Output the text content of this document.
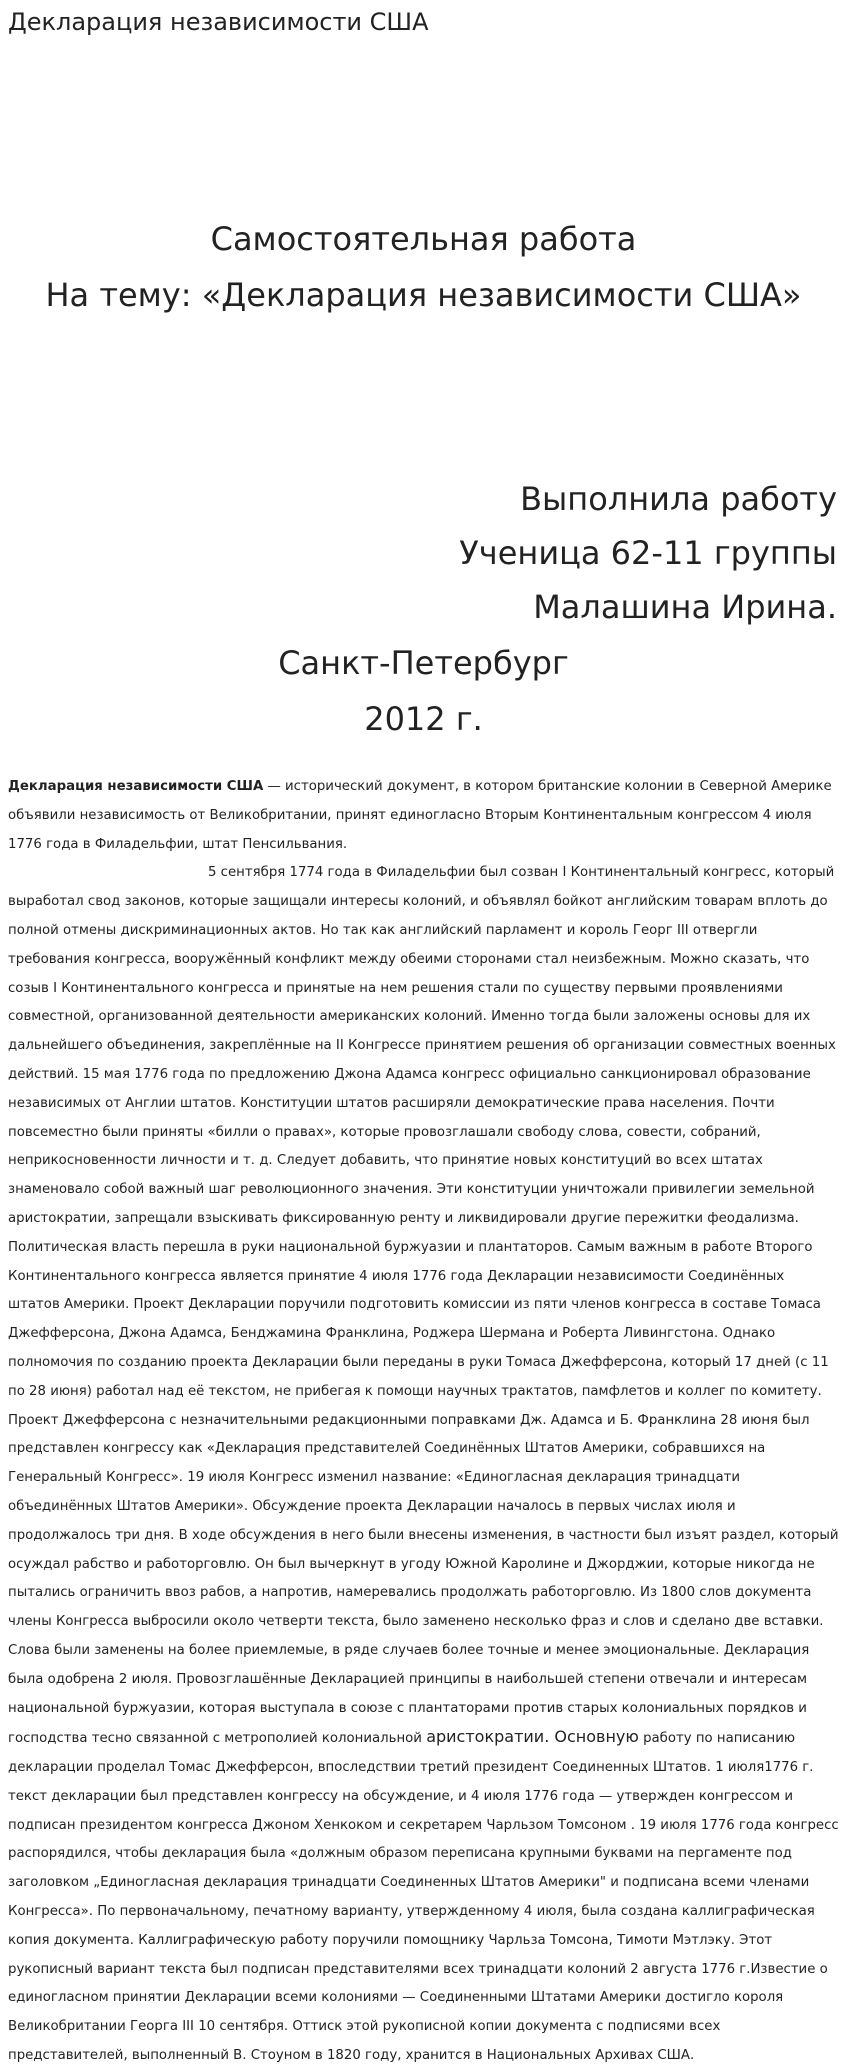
Декларация независимости США
Самостоятельная работа
На тему: «Декларация независимости США»
Выполнила работу
Ученица 62-11 группы
Малашина Ирина.
Санкт-Петербург
2012 г.
Декларация независимости США — исторический документ, в котором британские колонии в Северной Америке объявили независимость от Великобритании, принят единогласно Вторым Континентальным конгрессом 4 июля 1776 года в Филадельфии, штат Пенсильвания.
5 сентября 1774 года в Филадельфии был созван I Континентальный конгресс, который выработал свод законов, которые защищали интересы колоний, и объявлял бойкот английским товарам вплоть до полной отмены дискриминационных актов. Но так как английский парламент и король Георг III отвергли требования конгресса, вооружённый конфликт между обеими сторонами стал неизбежным. Можно сказать, что созыв I Континентального конгресса и принятые на нем решения стали по существу первыми проявлениями совместной, организованной деятельности американских колоний. Именно тогда были заложены основы для их дальнейшего объединения, закреплённые на II Конгрессе принятием решения об организации совместных военных действий. 15 мая 1776 года по предложению Джона Адамса конгресс официально санкционировал образование независимых от Англии штатов. Конституции штатов расширяли демократические права населения. Почти повсеместно были приняты «билли о правах», которые провозглашали свободу слова, совести, собраний, неприкосновенности личности и т. д. Следует добавить, что принятие новых конституций во всех штатах знаменовало собой важный шаг революционного значения. Эти конституции уничтожали привилегии земельной аристократии, запрещали взыскивать фиксированную ренту и ликвидировали другие пережитки феодализма. Политическая власть перешла в руки национальной буржуазии и плантаторов. Самым важным в работе Второго Континентального конгресса является принятие 4 июля 1776 года Декларации независимости Соединённых штатов Америки. Проект Декларации поручили подготовить комиссии из пяти членов конгресса в составе Томаса Джефферсона, Джона Адамса, Бенджамина Франклина, Роджера Шермана и Роберта Ливингстона. Однако полномочия по созданию проекта Декларации были переданы в руки Томаса Джефферсона, который 17 дней (с 11 по 28 июня) работал над её текстом, не прибегая к помощи научных трактатов, памфлетов и коллег по комитету. Проект Джефферсона с незначительными редакционными поправками Дж. Адамса и Б. Франклина 28 июня был представлен конгрессу как «Декларация представителей Соединённых Штатов Америки, собравшихся на Генеральный Конгресс». 19 июля Конгресс изменил название: «Единогласная декларация тринадцати объединённых Штатов Америки». Обсуждение проекта Декларации началось в первых числах июля и продолжалось три дня. В ходе обсуждения в него были внесены изменения, в частности был изъят раздел, который осуждал рабство и работорговлю. Он был вычеркнут в угоду Южной Каролине и Джорджии, которые никогда не пытались ограничить ввоз рабов, а напротив, намеревались продолжать работорговлю. Из 1800 слов документа члены Конгресса выбросили около четверти текста, было заменено несколько фраз и слов и сделано две вставки. Слова были заменены на более приемлемые, в ряде случаев более точные и менее эмоциональные. Декларация была одобрена 2 июля. Провозглашённые Декларацией принципы в наибольшей степени отвечали и интересам национальной буржуазии, которая выступала в союзе с плантаторами против старых колониальных порядков и господства тесно связанной с метрополией колониальной аристократии. Основную работу по написанию декларации проделал Томас Джефферсон, впоследствии третий президент Соединенных Штатов. 1 июля1776 г. текст декларации был представлен конгрессу на обсуждение, и 4 июля 1776 года — утвержден конгрессом и подписан президентом конгресса Джоном Хенкоком и секретарем Чарльзом Томсоном . 19 июля 1776 года конгресс распорядился, чтобы декларация была «должным образом переписана крупными буквами на пергаменте под заголовком „Единогласная декларация тринадцати Соединенных Штатов Америки" и подписана всеми членами Конгресса». По первоначальному, печатному варианту, утвержденному 4 июля, была создана каллиграфическая копия документа. Каллиграфическую работу поручили помощнику Чарльза Томсона, Тимоти Мэтлэку. Этот рукописный вариант текста был подписан представителями всех тринадцати колоний 2 августа 1776 г.Известие о единогласном принятии Декларации всеми колониями — Соединенными Штатами Америки достигло короля Великобритании Георга III 10 сентября. Оттиск этой рукописной копии документа с подписями всех представителей, выполненный В. Стоуном в 1820 году, хранится в Национальных Архивах США.
